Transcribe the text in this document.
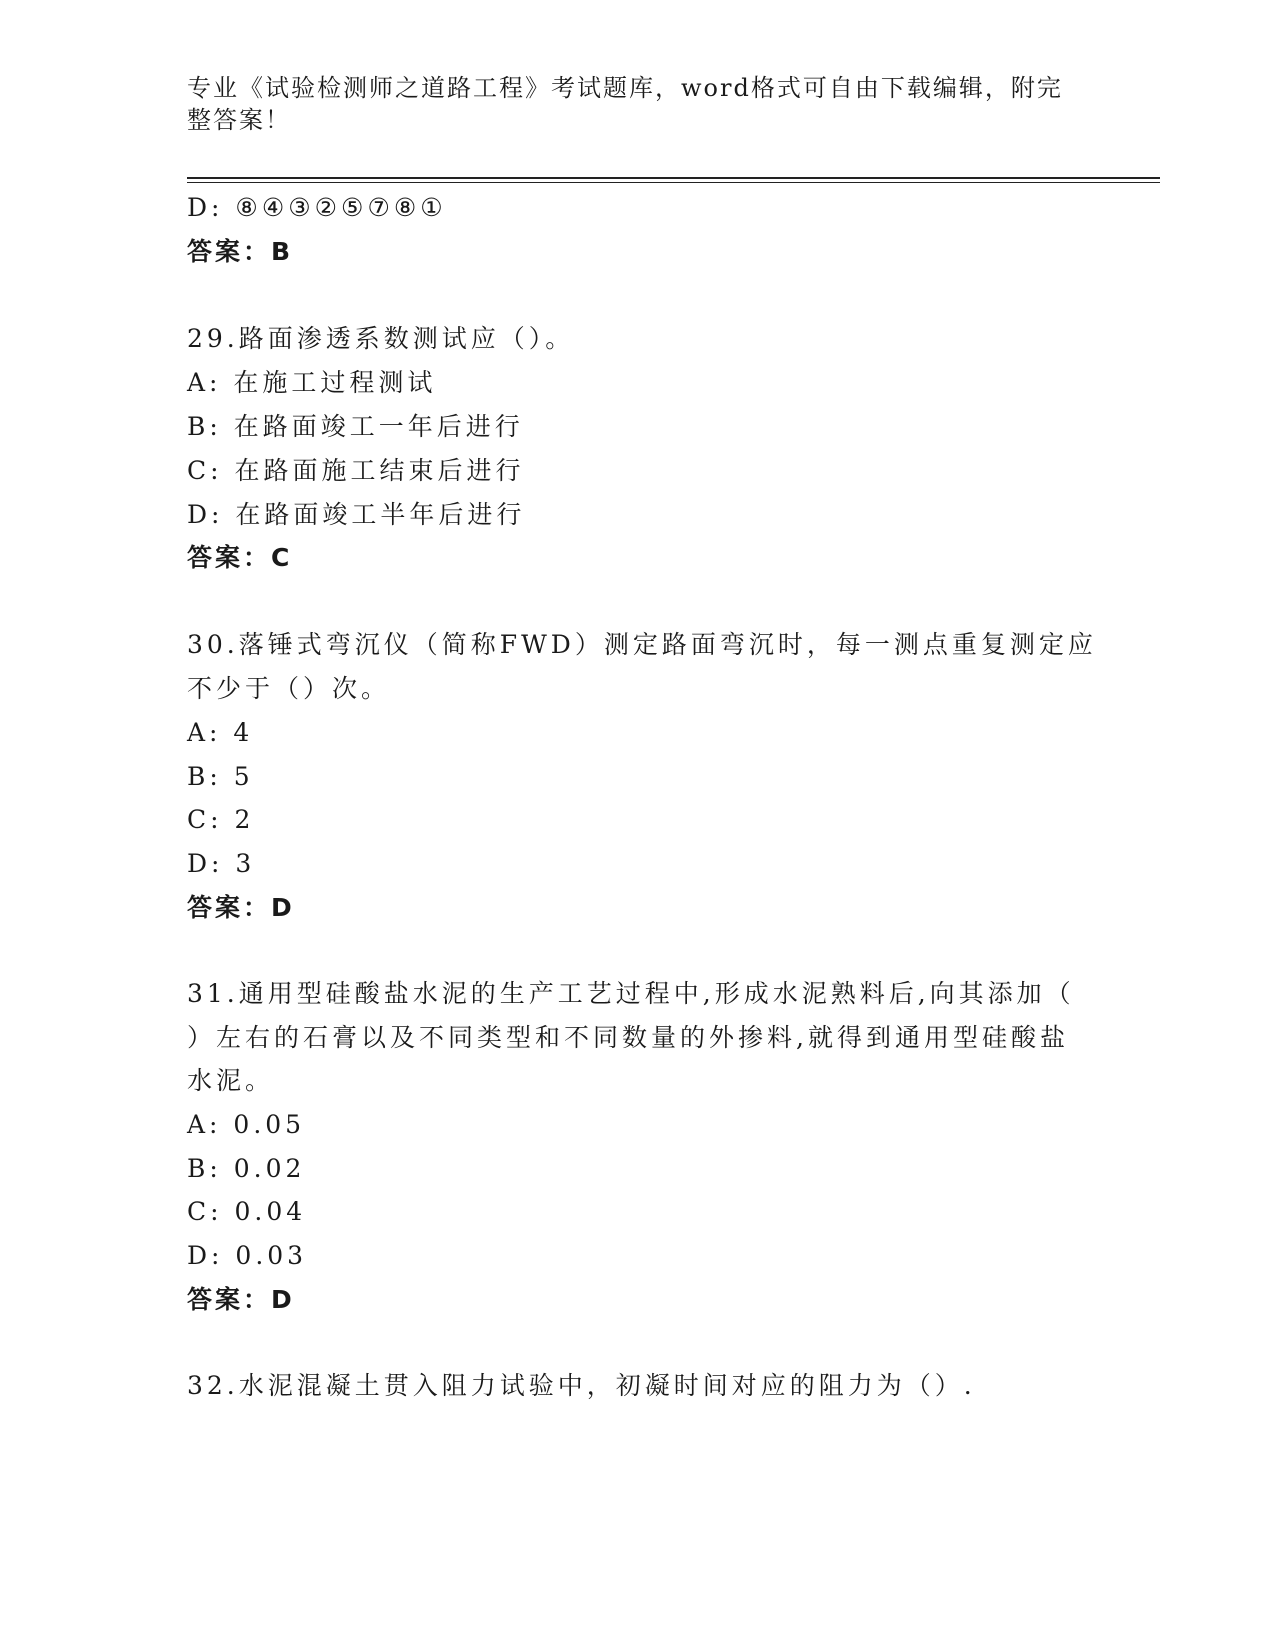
专业《试验检测师之道路工程》考试题库，word格式可自由下载编辑，附完整答案！
D: ⑧④③②⑤⑦⑧①
答案：B
29.路面渗透系数测试应（）。
A: 在施工过程测试
B: 在路面竣工一年后进行
C: 在路面施工结束后进行
D: 在路面竣工半年后进行
答案：C
30.落锤式弯沉仪（简称FWD）测定路面弯沉时，每一测点重复测定应
不少于（）次。
A: 4
B: 5
C: 2
D: 3
答案：D
31.通用型硅酸盐水泥的生产工艺过程中,形成水泥熟料后,向其添加（
）左右的石膏以及不同类型和不同数量的外掺料,就得到通用型硅酸盐
水泥。
A: 0.05
B: 0.02
C: 0.04
D: 0.03
答案：D
32.水泥混凝土贯入阻力试验中，初凝时间对应的阻力为（）.
